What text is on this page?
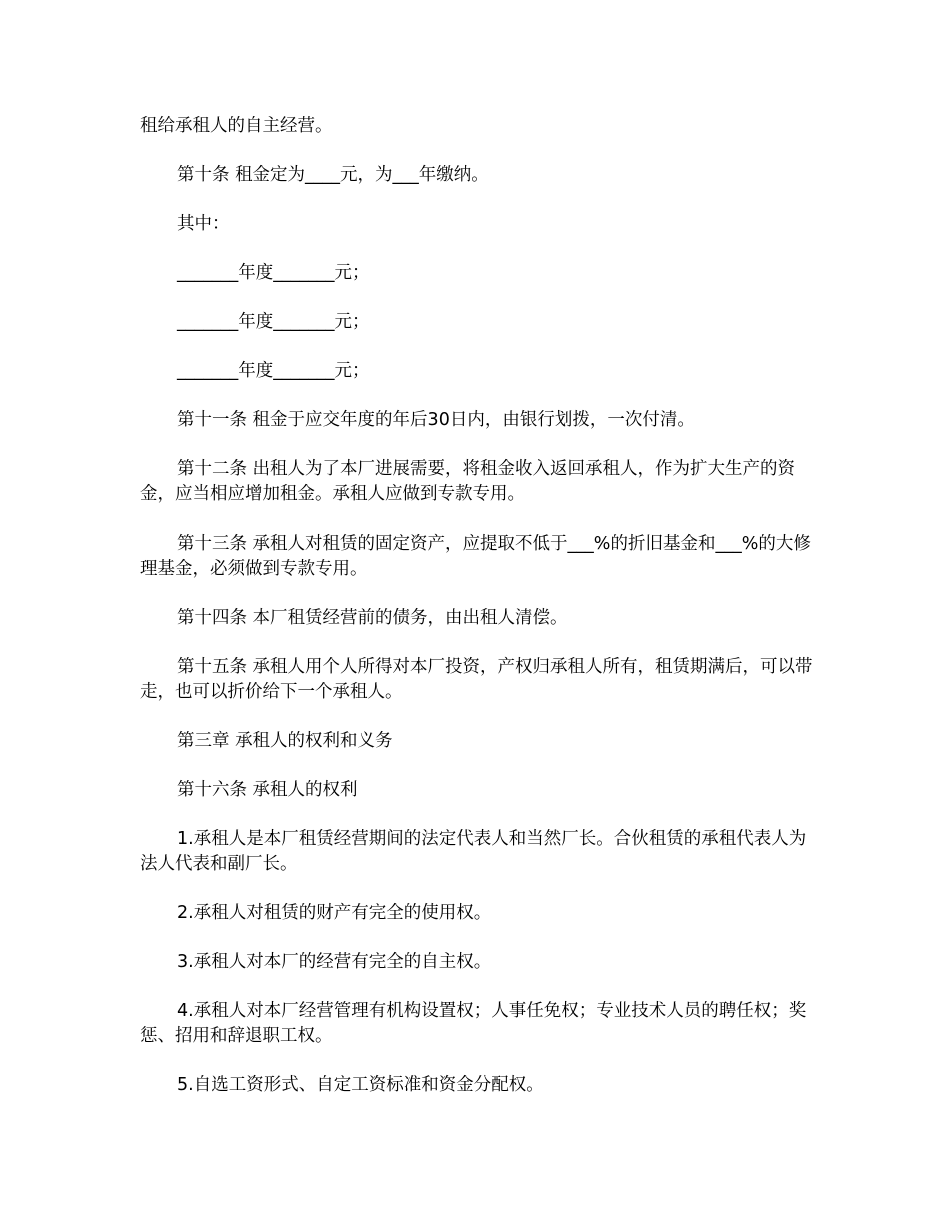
租给承租人的自主经营。

第十条 租金定为____元，为___年缴纳。

其中：

_______年度_______元；

_______年度_______元；

_______年度_______元；

第十一条 租金于应交年度的年后30日内，由银行划拨，一次付清。

第十二条 出租人为了本厂进展需要，将租金收入返回承租人，作为扩大生产的资金，应当相应增加租金。承租人应做到专款专用。

第十三条 承租人对租赁的固定资产，应提取不低于___%的折旧基金和___%的大修理基金，必须做到专款专用。

第十四条 本厂租赁经营前的债务，由出租人清偿。

第十五条 承租人用个人所得对本厂投资，产权归承租人所有，租赁期满后，可以带走，也可以折价给下一个承租人。

第三章 承租人的权利和义务

第十六条 承租人的权利

1.承租人是本厂租赁经营期间的法定代表人和当然厂长。合伙租赁的承租代表人为法人代表和副厂长。

2.承租人对租赁的财产有完全的使用权。

3.承租人对本厂的经营有完全的自主权。

4.承租人对本厂经营管理有机构设置权；人事任免权；专业技术人员的聘任权；奖惩、招用和辞退职工权。

5.自选工资形式、自定工资标准和资金分配权。
